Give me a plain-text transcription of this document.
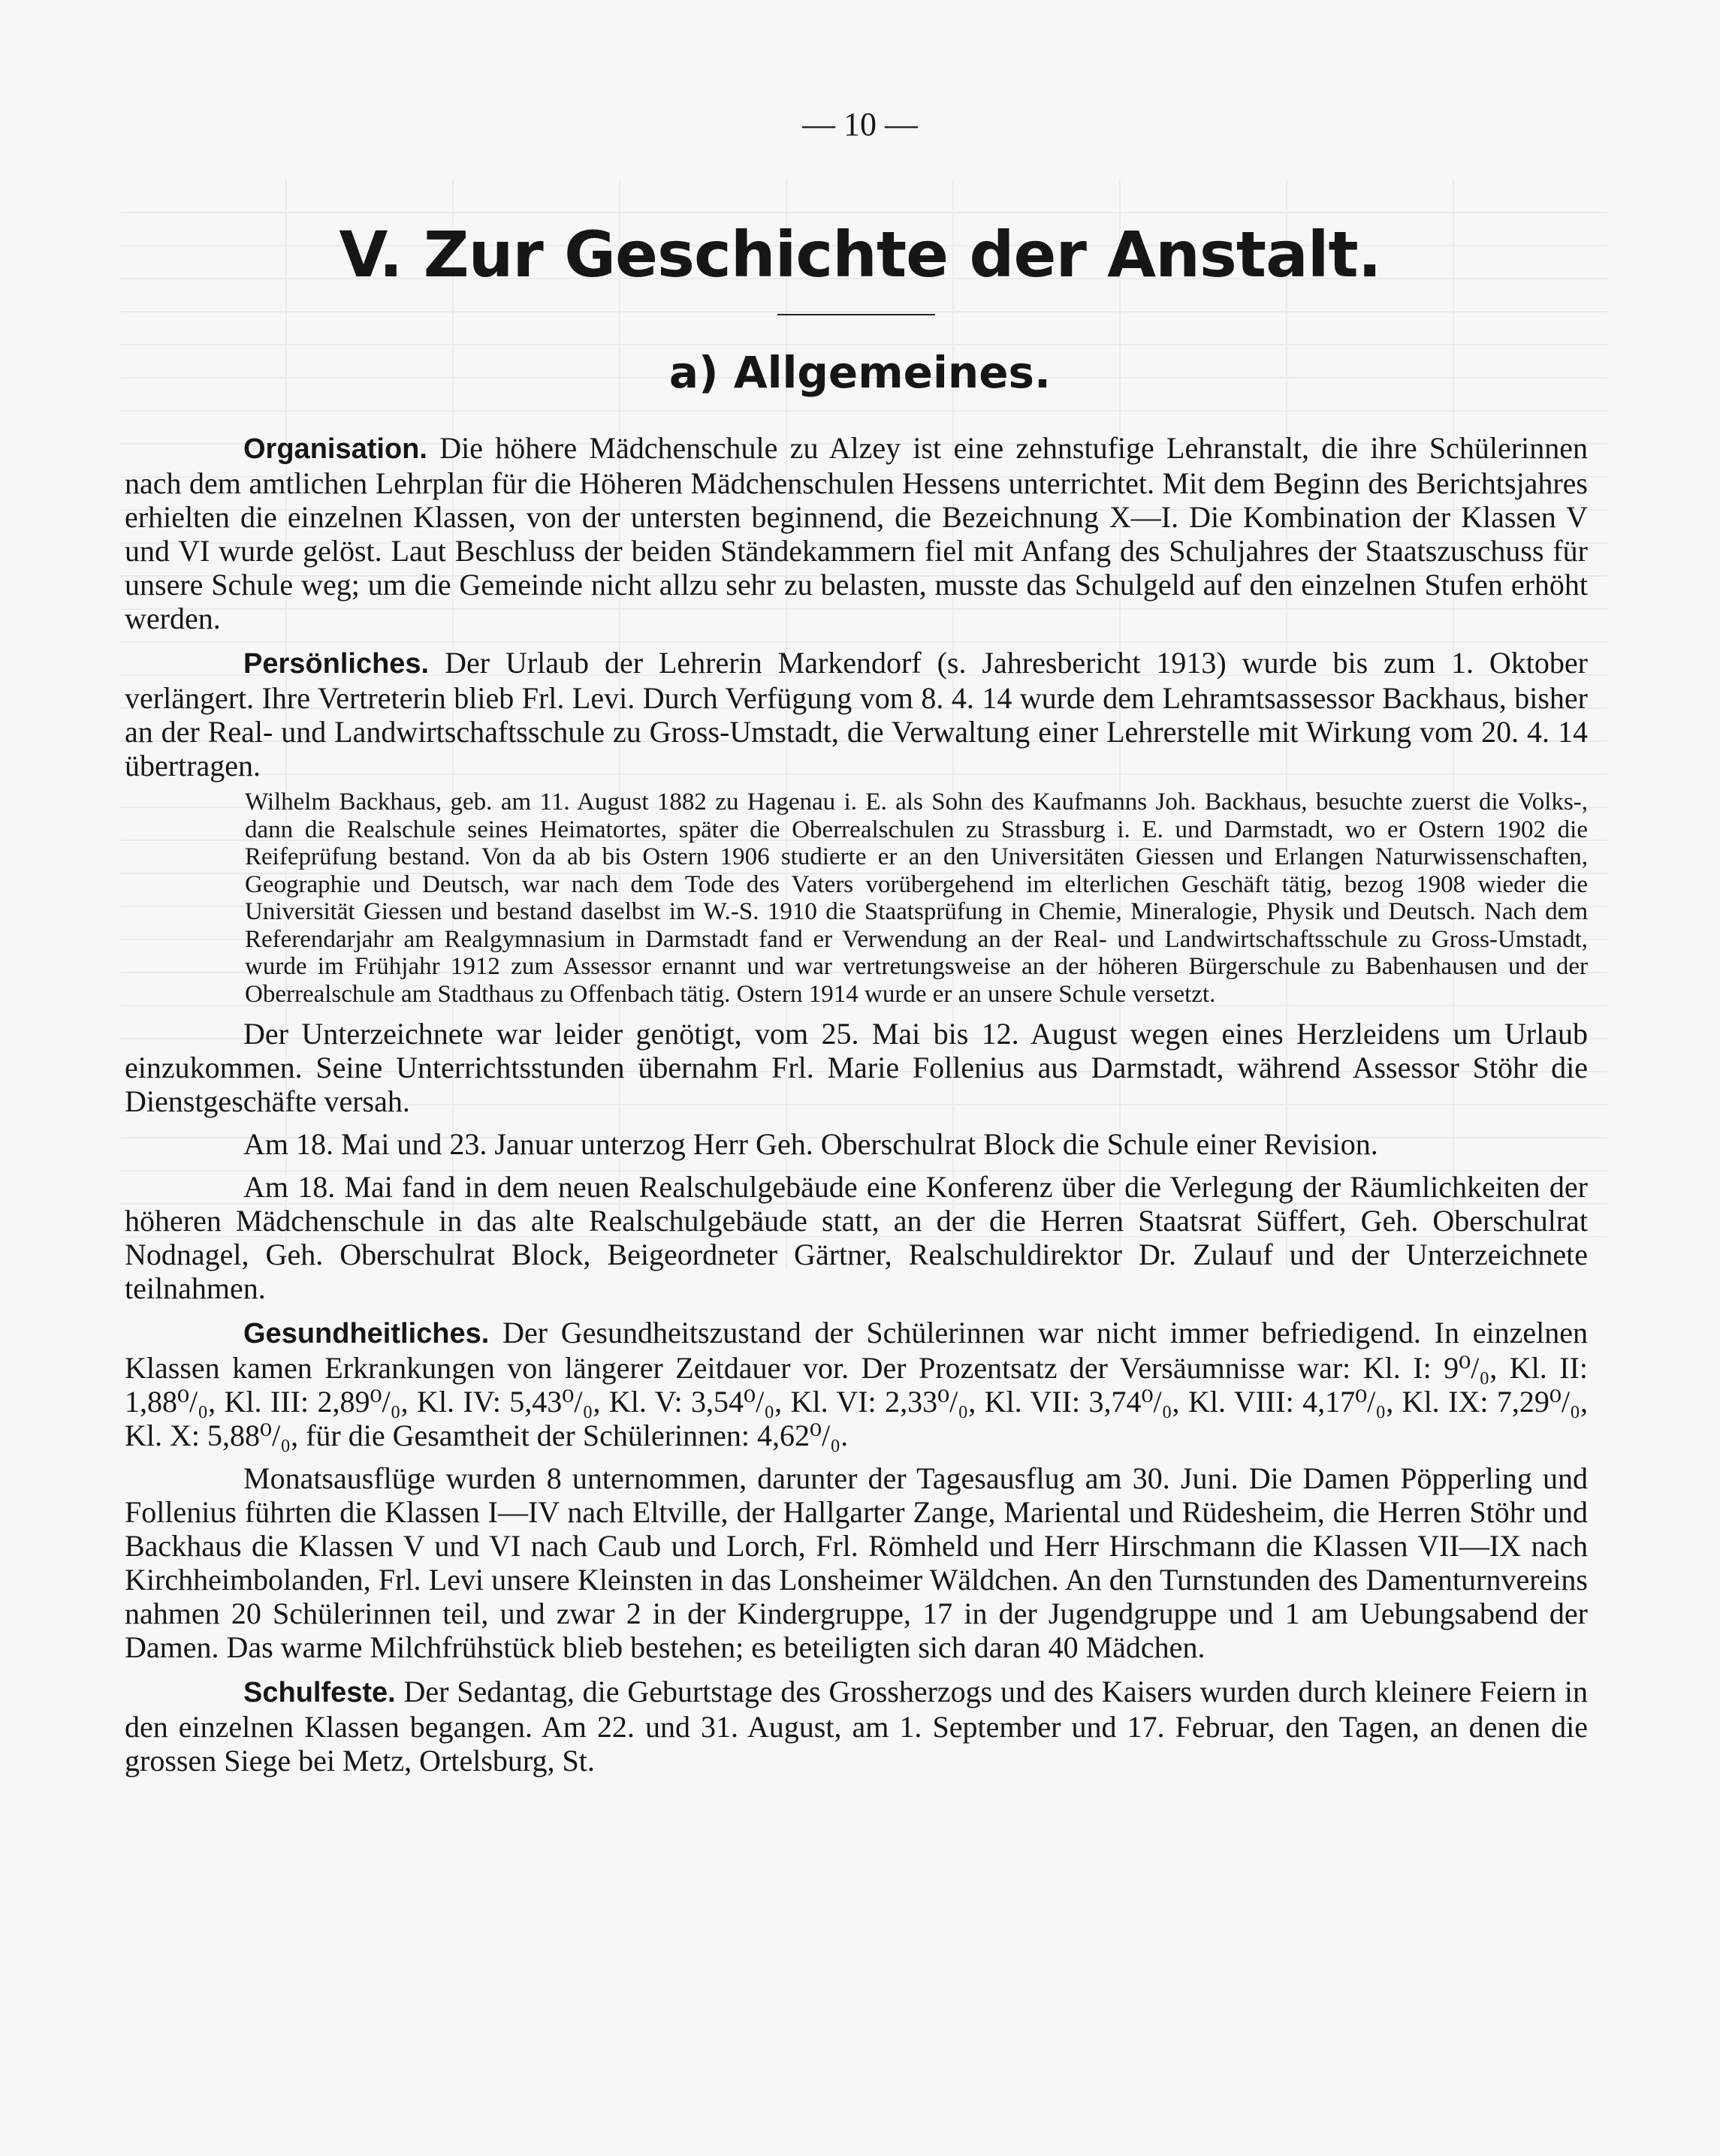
— 10 —
V. Zur Geschichte der Anstalt.
a) Allgemeines.

Organisation. Die höhere Mädchenschule zu Alzey ist eine zehnstufige Lehranstalt, die ihre Schülerinnen nach dem amtlichen Lehrplan für die Höheren Mädchenschulen Hessens unterrichtet. Mit dem Beginn des Berichtsjahres erhielten die einzelnen Klassen, von der untersten beginnend, die Bezeichnung X—I. Die Kombination der Klassen V und VI wurde gelöst. Laut Beschluss der beiden Ständekammern fiel mit Anfang des Schuljahres der Staatszuschuss für unsere Schule weg; um die Gemeinde nicht allzu sehr zu belasten, musste das Schulgeld auf den einzelnen Stufen erhöht werden.

Persönliches. Der Urlaub der Lehrerin Markendorf (s. Jahresbericht 1913) wurde bis zum 1. Oktober verlängert. Ihre Vertreterin blieb Frl. Levi. Durch Verfügung vom 8. 4. 14 wurde dem Lehramtsassessor Backhaus, bisher an der Real- und Landwirtschaftsschule zu Gross-Umstadt, die Verwaltung einer Lehrerstelle mit Wirkung vom 20. 4. 14 übertragen.

Wilhelm Backhaus, geb. am 11. August 1882 zu Hagenau i. E. als Sohn des Kaufmanns Joh. Backhaus, besuchte zuerst die Volks-, dann die Realschule seines Heimatortes, später die Oberrealschulen zu Strassburg i. E. und Darmstadt, wo er Ostern 1902 die Reifeprüfung bestand. Von da ab bis Ostern 1906 studierte er an den Universitäten Giessen und Erlangen Naturwissenschaften, Geographie und Deutsch, war nach dem Tode des Vaters vorübergehend im elterlichen Geschäft tätig, bezog 1908 wieder die Universität Giessen und bestand daselbst im W.-S. 1910 die Staatsprüfung in Chemie, Mineralogie, Physik und Deutsch. Nach dem Referendarjahr am Realgymnasium in Darmstadt fand er Verwendung an der Real- und Landwirtschaftsschule zu Gross-Umstadt, wurde im Frühjahr 1912 zum Assessor ernannt und war vertretungsweise an der höheren Bürgerschule zu Babenhausen und der Oberrealschule am Stadthaus zu Offenbach tätig. Ostern 1914 wurde er an unsere Schule versetzt.

Der Unterzeichnete war leider genötigt, vom 25. Mai bis 12. August wegen eines Herzleidens um Urlaub einzukommen. Seine Unterrichtsstunden übernahm Frl. Marie Follenius aus Darmstadt, während Assessor Stöhr die Dienstgeschäfte versah.

Am 18. Mai und 23. Januar unterzog Herr Geh. Oberschulrat Block die Schule einer Revision.

Am 18. Mai fand in dem neuen Realschulgebäude eine Konferenz über die Verlegung der Räumlichkeiten der höheren Mädchenschule in das alte Realschulgebäude statt, an der die Herren Staatsrat Süffert, Geh. Oberschulrat Nodnagel, Geh. Oberschulrat Block, Beigeordneter Gärtner, Realschuldirektor Dr. Zulauf und der Unterzeichnete teilnahmen.

Gesundheitliches. Der Gesundheitszustand der Schülerinnen war nicht immer befriedigend. In einzelnen Klassen kamen Erkrankungen von längerer Zeitdauer vor. Der Prozentsatz der Versäumnisse war: Kl. I: 9⁰/₀, Kl. II: 1,88⁰/₀, Kl. III: 2,89⁰/₀, Kl. IV: 5,43⁰/₀, Kl. V: 3,54⁰/₀, Kl. VI: 2,33⁰/₀, Kl. VII: 3,74⁰/₀, Kl. VIII: 4,17⁰/₀, Kl. IX: 7,29⁰/₀, Kl. X: 5,88⁰/₀, für die Gesamtheit der Schülerinnen: 4,62⁰/₀.

Monatsausflüge wurden 8 unternommen, darunter der Tagesausflug am 30. Juni. Die Damen Pöpperling und Follenius führten die Klassen I—IV nach Eltville, der Hallgarter Zange, Mariental und Rüdesheim, die Herren Stöhr und Backhaus die Klassen V und VI nach Caub und Lorch, Frl. Römheld und Herr Hirschmann die Klassen VII—IX nach Kirchheimbolanden, Frl. Levi unsere Kleinsten in das Lonsheimer Wäldchen. An den Turnstunden des Damenturnvereins nahmen 20 Schülerinnen teil, und zwar 2 in der Kindergruppe, 17 in der Jugendgruppe und 1 am Uebungsabend der Damen. Das warme Milchfrühstück blieb bestehen; es beteiligten sich daran 40 Mädchen.

Schulfeste. Der Sedantag, die Geburtstage des Grossherzogs und des Kaisers wurden durch kleinere Feiern in den einzelnen Klassen begangen. Am 22. und 31. August, am 1. September und 17. Februar, den Tagen, an denen die grossen Siege bei Metz, Ortelsburg, St.
